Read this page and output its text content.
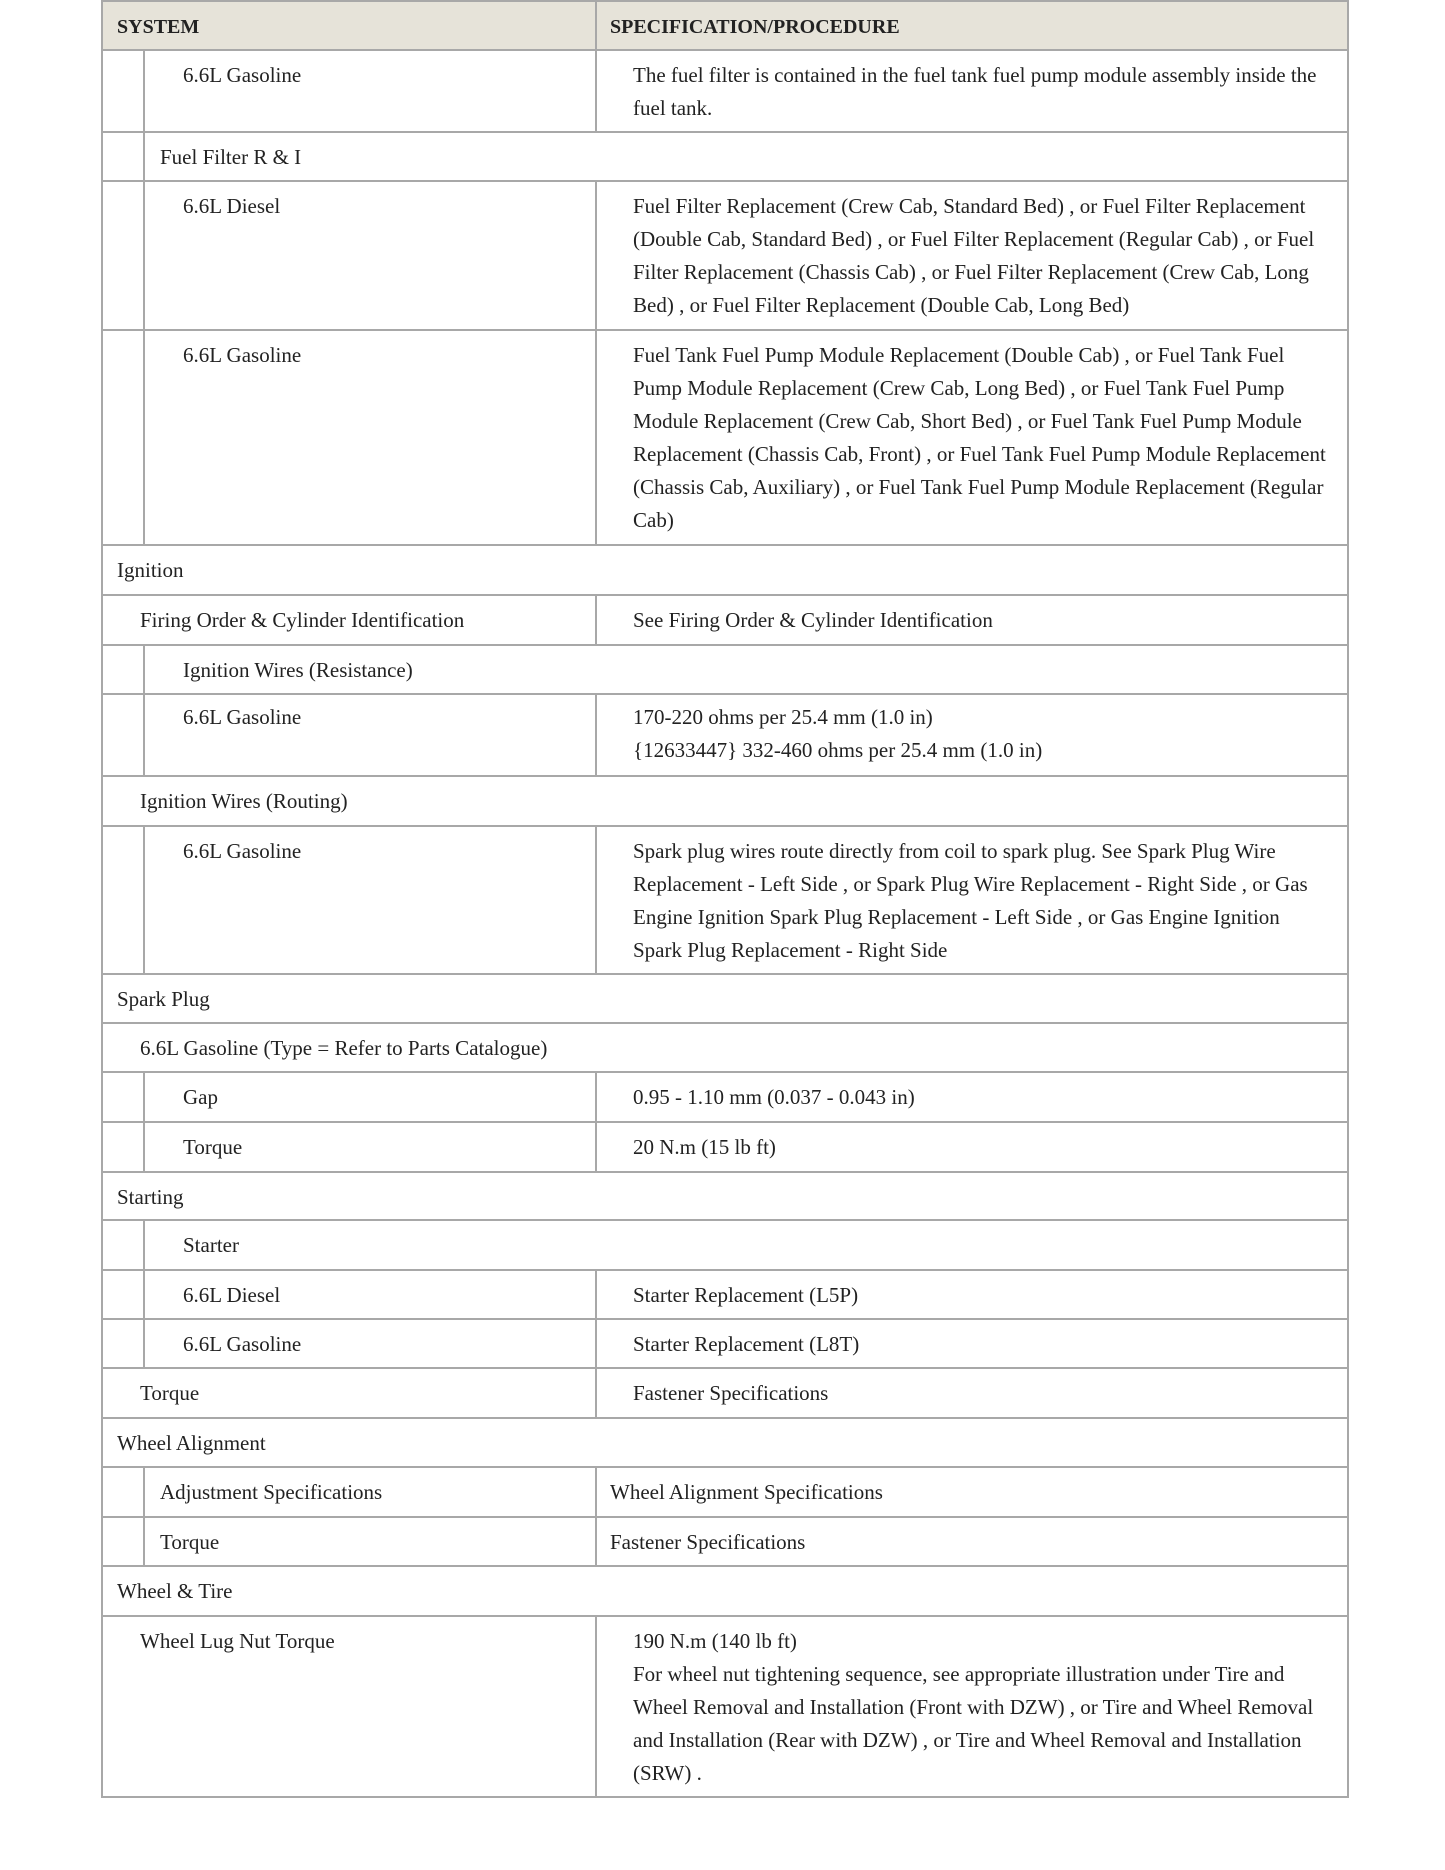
SYSTEM	SPECIFICATION/PROCEDURE
6.6L Gasoline	The fuel filter is contained in the fuel tank fuel pump module assembly inside the fuel tank.
Fuel Filter R & I
6.6L Diesel	Fuel Filter Replacement (Crew Cab, Standard Bed) , or Fuel Filter Replacement (Double Cab, Standard Bed) , or Fuel Filter Replacement (Regular Cab) , or Fuel Filter Replacement (Chassis Cab) , or Fuel Filter Replacement (Crew Cab, Long Bed) , or Fuel Filter Replacement (Double Cab, Long Bed)
6.6L Gasoline	Fuel Tank Fuel Pump Module Replacement (Double Cab) , or Fuel Tank Fuel Pump Module Replacement (Crew Cab, Long Bed) , or Fuel Tank Fuel Pump Module Replacement (Crew Cab, Short Bed) , or Fuel Tank Fuel Pump Module Replacement (Chassis Cab, Front) , or Fuel Tank Fuel Pump Module Replacement (Chassis Cab, Auxiliary) , or Fuel Tank Fuel Pump Module Replacement (Regular Cab)
Ignition
Firing Order & Cylinder Identification	See Firing Order & Cylinder Identification
Ignition Wires (Resistance)
6.6L Gasoline	170-220 ohms per 25.4 mm (1.0 in)
{12633447} 332-460 ohms per 25.4 mm (1.0 in)
Ignition Wires (Routing)
6.6L Gasoline	Spark plug wires route directly from coil to spark plug. See Spark Plug Wire Replacement - Left Side , or Spark Plug Wire Replacement - Right Side , or Gas Engine Ignition Spark Plug Replacement - Left Side , or Gas Engine Ignition Spark Plug Replacement - Right Side
Spark Plug
6.6L Gasoline (Type = Refer to Parts Catalogue)
Gap	0.95 - 1.10 mm (0.037 - 0.043 in)
Torque	20 N.m (15 lb ft)
Starting
Starter
6.6L Diesel	Starter Replacement (L5P)
6.6L Gasoline	Starter Replacement (L8T)
Torque	Fastener Specifications
Wheel Alignment
Adjustment Specifications	Wheel Alignment Specifications
Torque	Fastener Specifications
Wheel & Tire
Wheel Lug Nut Torque	190 N.m (140 lb ft)
For wheel nut tightening sequence, see appropriate illustration under Tire and Wheel Removal and Installation (Front with DZW) , or Tire and Wheel Removal and Installation (Rear with DZW) , or Tire and Wheel Removal and Installation (SRW) .
